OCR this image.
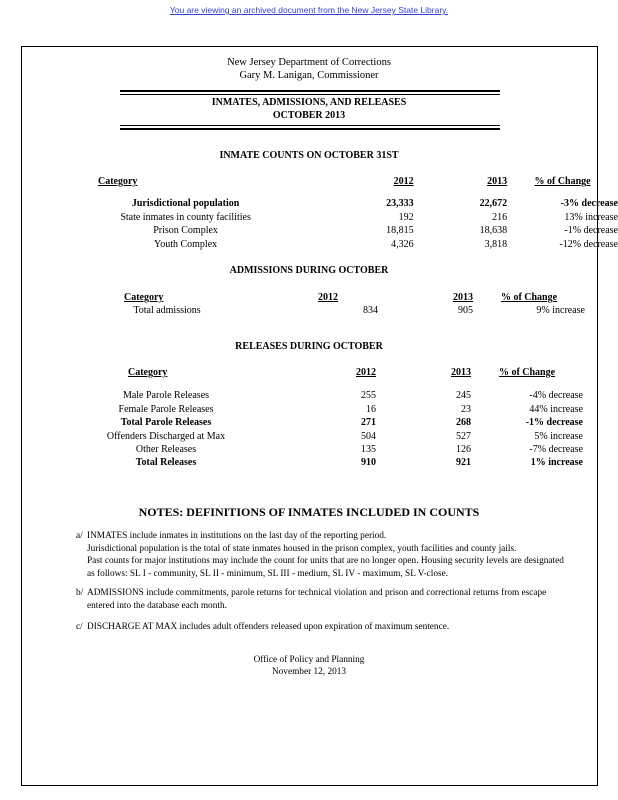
You are viewing an archived document from the New Jersey State Library.
New Jersey Department of Corrections
Gary M. Lanigan, Commissioner
INMATES, ADMISSIONS, AND RELEASES
OCTOBER 2013
INMATE COUNTS ON OCTOBER 31ST
Category	2012	2013	% of Change

Jurisdictional population	23,333	22,672	-3% decrease
State inmates in county facilities	192	216	13% increase
Prison Complex	18,815	18,638	-1% decrease
Youth Complex	4,326	3,818	-12% decrease
ADMISSIONS DURING OCTOBER
Category	2012	2013	% of Change
Total admissions	834	905	9% increase
RELEASES DURING OCTOBER
Category	2012	2013	% of Change

Male Parole Releases	255	245	-4% decrease
Female Parole Releases	16	23	44% increase
Total Parole Releases	271	268	-1% decrease
Offenders Discharged at Max	504	527	5% increase
Other Releases	135	126	-7% decrease
Total Releases	910	921	1% increase
NOTES: DEFINITIONS OF INMATES INCLUDED IN COUNTS
a/ INMATES include inmates in institutions on the last day of the reporting period.
Jurisdictional population is the total of state inmates housed in the prison complex, youth facilities and county jails.
Past counts for major institutions may include the count for units that are no longer open. Housing security levels are designated
as follows: SL I - community, SL II - minimum, SL III - medium, SL IV - maximum, SL V-close.
b/ ADMISSIONS include commitments, parole returns for technical violation and prison and correctional returns from escape
entered into the database each month.
c/ DISCHARGE AT MAX includes adult offenders released upon expiration of maximum sentence.
Office of Policy and Planning
November 12, 2013
